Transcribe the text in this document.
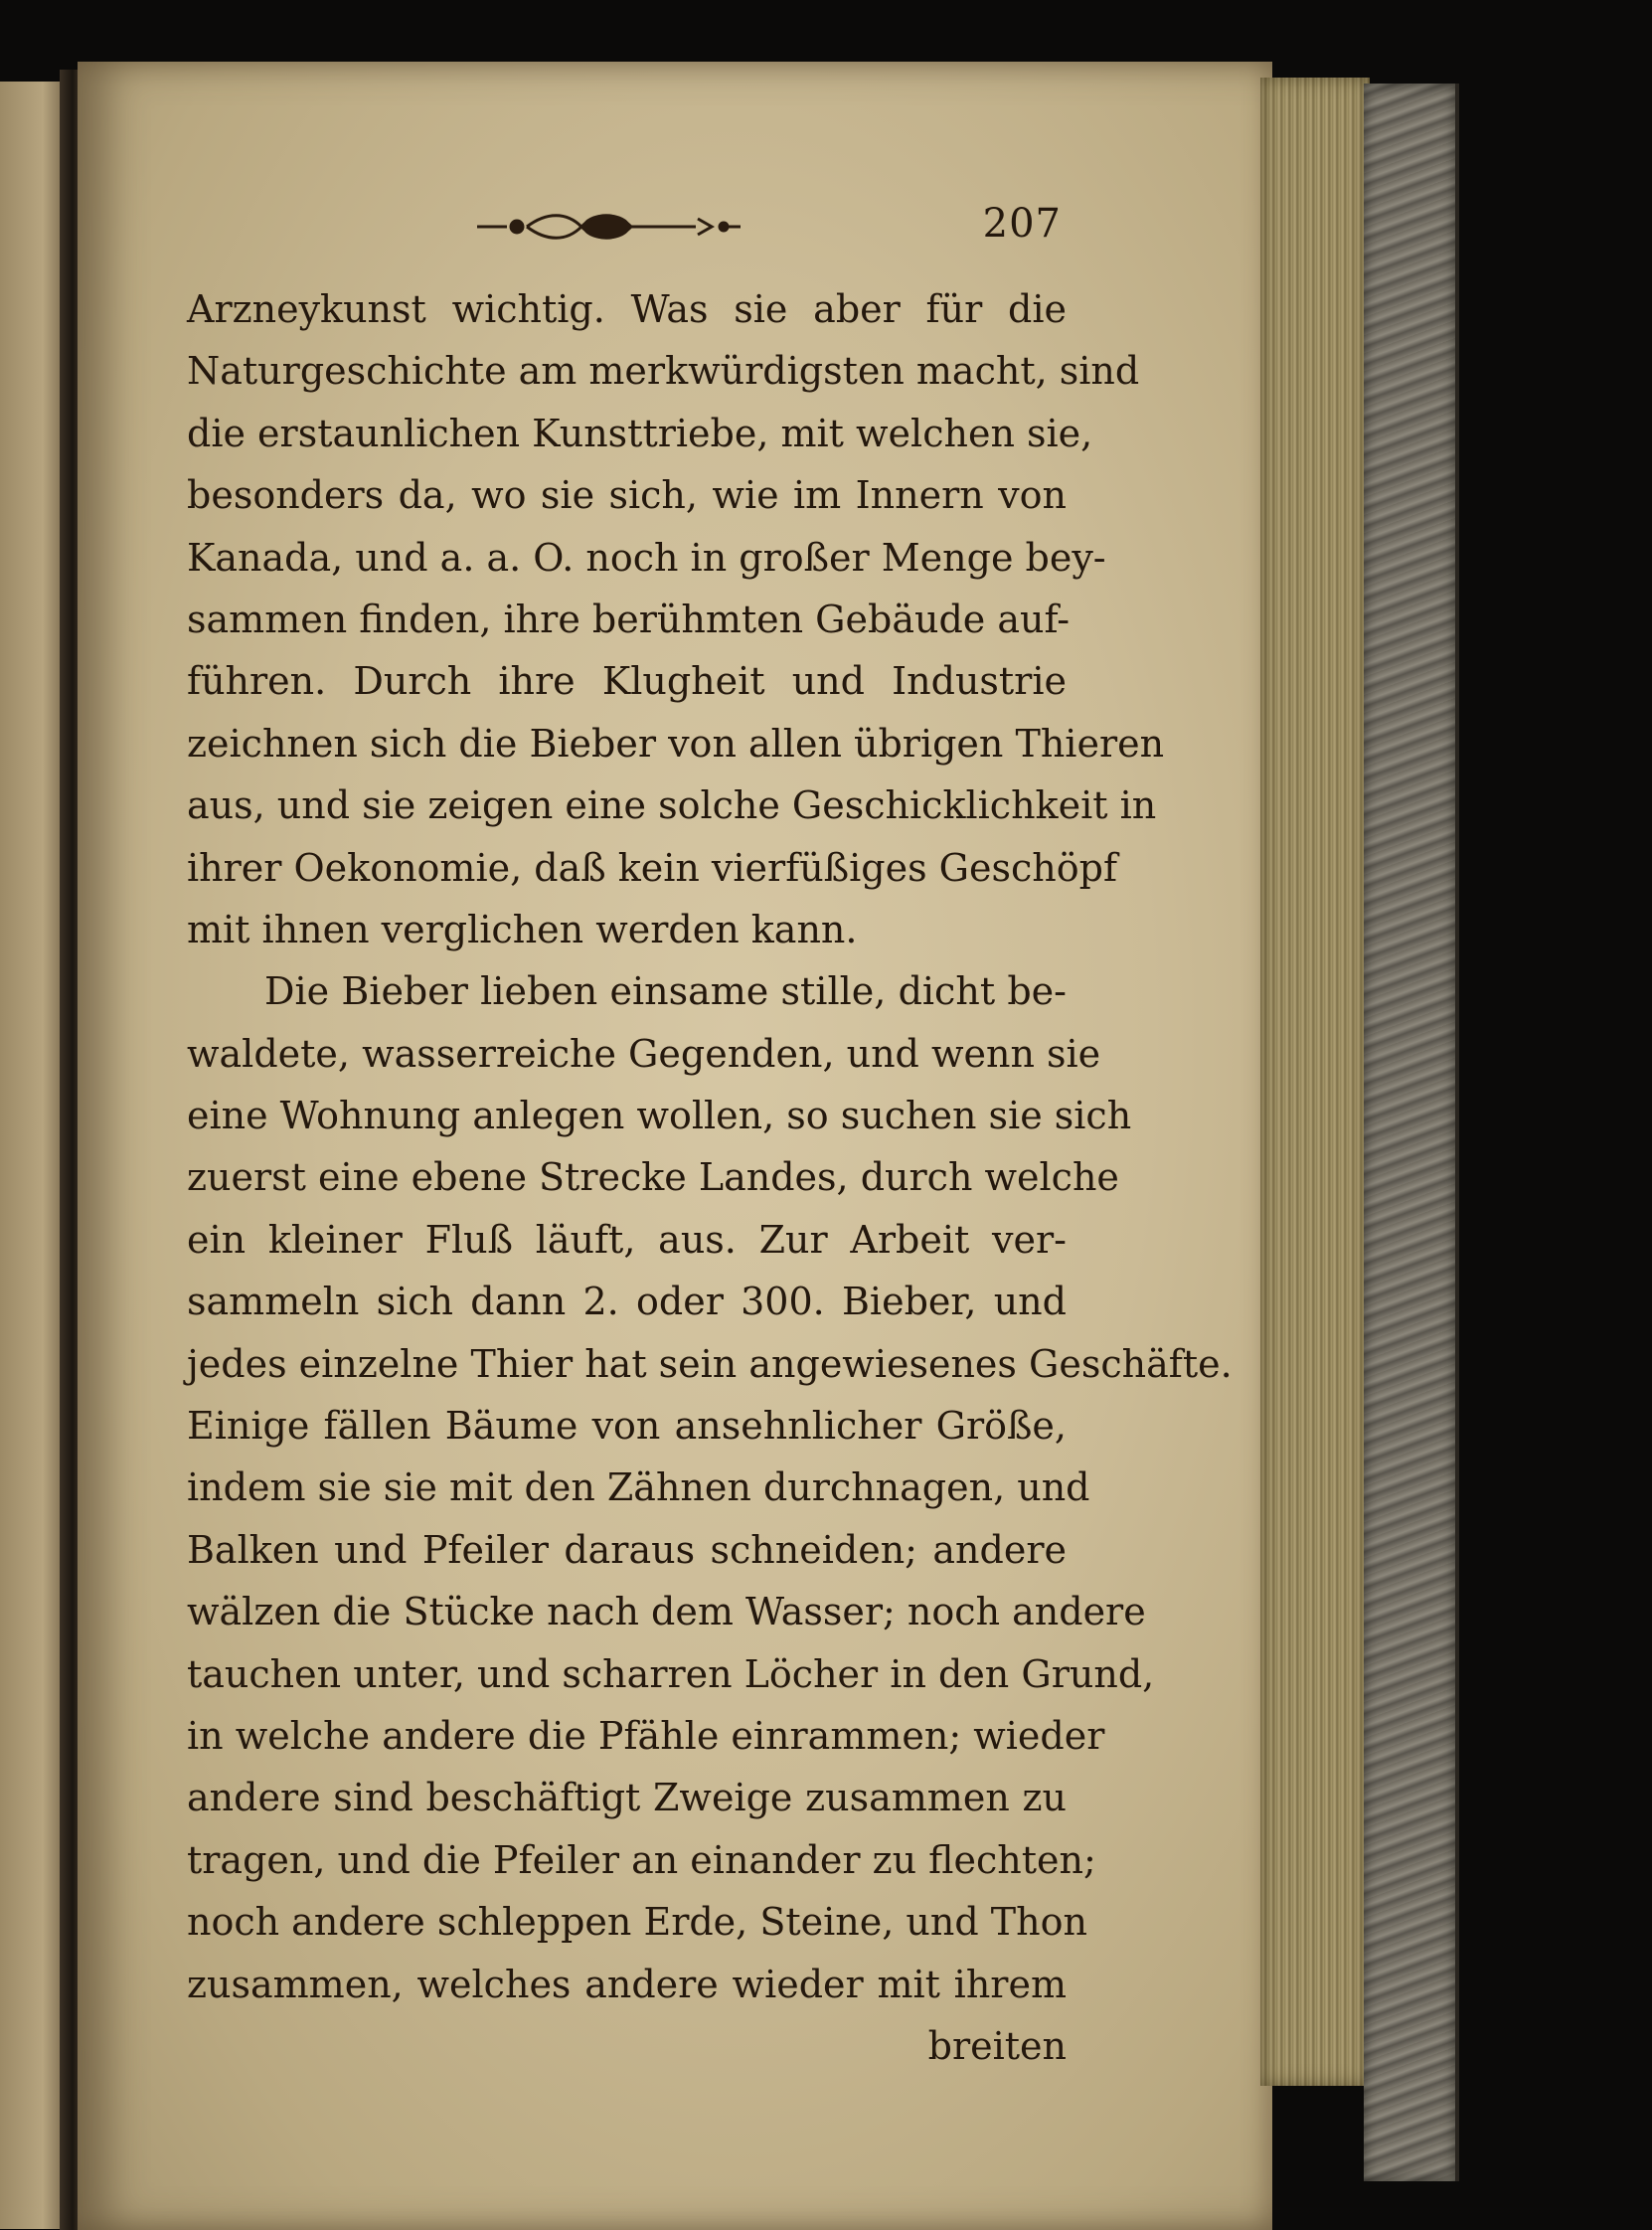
207
Arzneykunst wichtig. Was sie aber für die
Naturgeschichte am merkwürdigsten macht, sind
die erstaunlichen Kunsttriebe, mit welchen sie,
besonders da, wo sie sich, wie im Innern von
Kanada, und a. a. O. noch in großer Menge bey-
sammen finden, ihre berühmten Gebäude auf-
führen. Durch ihre Klugheit und Industrie
zeichnen sich die Bieber von allen übrigen Thieren
aus, und sie zeigen eine solche Geschicklichkeit in
ihrer Oekonomie, daß kein vierfüßiges Geschöpf
mit ihnen verglichen werden kann.
Die Bieber lieben einsame stille, dicht be-
waldete, wasserreiche Gegenden, und wenn sie
eine Wohnung anlegen wollen, so suchen sie sich
zuerst eine ebene Strecke Landes, durch welche
ein kleiner Fluß läuft, aus. Zur Arbeit ver-
sammeln sich dann 2. oder 300. Bieber, und
jedes einzelne Thier hat sein angewiesenes Geschäfte.
Einige fällen Bäume von ansehnlicher Größe,
indem sie sie mit den Zähnen durchnagen, und
Balken und Pfeiler daraus schneiden; andere
wälzen die Stücke nach dem Wasser; noch andere
tauchen unter, und scharren Löcher in den Grund,
in welche andere die Pfähle einrammen; wieder
andere sind beschäftigt Zweige zusammen zu
tragen, und die Pfeiler an einander zu flechten;
noch andere schleppen Erde, Steine, und Thon
zusammen, welches andere wieder mit ihrem
breiten
